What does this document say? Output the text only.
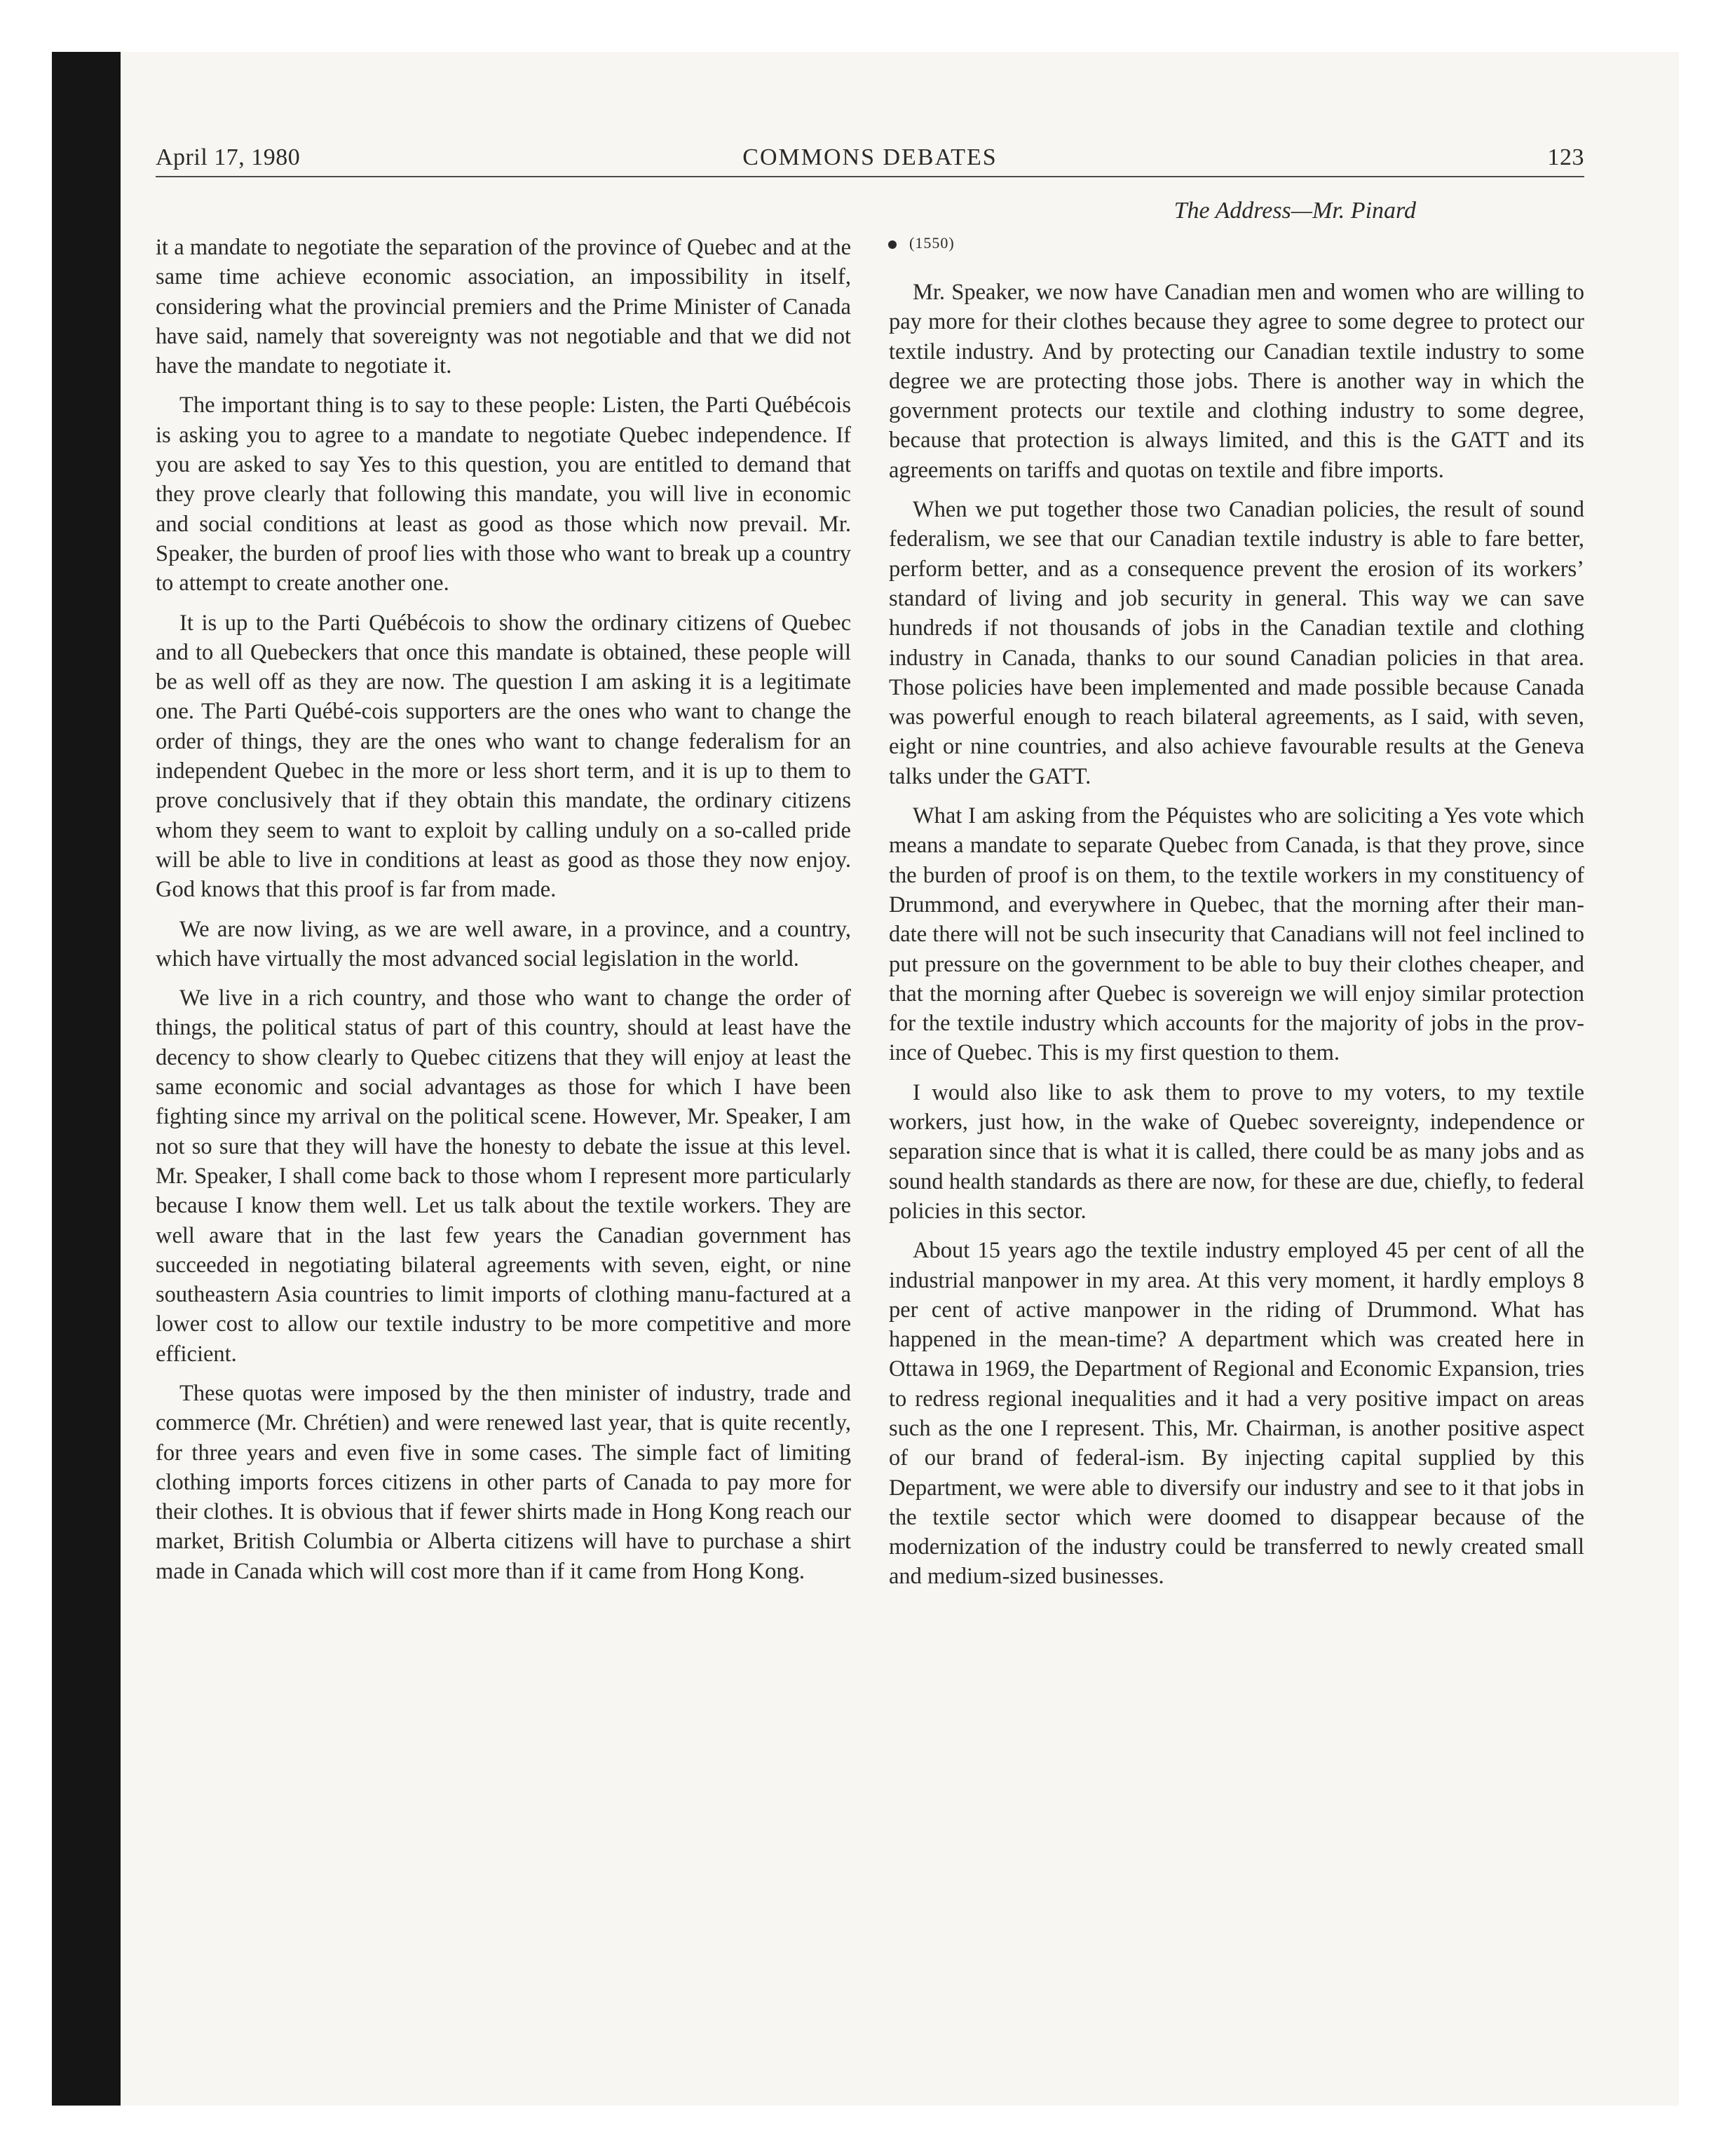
April 17, 1980	COMMONS DEBATES	123
The Address—Mr. Pinard
(1550)

it a mandate to negotiate the separation of the province of Quebec and at the same time achieve economic association, an impossibility in itself, considering what the provincial premiers and the Prime Minister of Canada have said, namely that sovereignty was not negotiable and that we did not have the mandate to negotiate it.

The important thing is to say to these people: Listen, the Parti Québécois is asking you to agree to a mandate to negotiate Quebec independence. If you are asked to say Yes to this question, you are entitled to demand that they prove clearly that following this mandate, you will live in economic and social conditions at least as good as those which now prevail. Mr. Speaker, the burden of proof lies with those who want to break up a country to attempt to create another one.

It is up to the Parti Québécois to show the ordinary citizens of Quebec and to all Quebeckers that once this mandate is obtained, these people will be as well off as they are now. The question I am asking it is a legitimate one. The Parti Québé-cois supporters are the ones who want to change the order of things, they are the ones who want to change federalism for an independent Quebec in the more or less short term, and it is up to them to prove conclusively that if they obtain this mandate, the ordinary citizens whom they seem to want to exploit by calling unduly on a so-called pride will be able to live in conditions at least as good as those they now enjoy. God knows that this proof is far from made.

We are now living, as we are well aware, in a province, and a country, which have virtually the most advanced social legislation in the world.

We live in a rich country, and those who want to change the order of things, the political status of part of this country, should at least have the decency to show clearly to Quebec citizens that they will enjoy at least the same economic and social advantages as those for which I have been fighting since my arrival on the political scene. However, Mr. Speaker, I am not so sure that they will have the honesty to debate the issue at this level. Mr. Speaker, I shall come back to those whom I represent more particularly because I know them well. Let us talk about the textile workers. They are well aware that in the last few years the Canadian government has succeeded in negotiating bilateral agreements with seven, eight, or nine southeastern Asia countries to limit imports of clothing manu-factured at a lower cost to allow our textile industry to be more competitive and more efficient.

These quotas were imposed by the then minister of industry, trade and commerce (Mr. Chrétien) and were renewed last year, that is quite recently, for three years and even five in some cases. The simple fact of limiting clothing imports forces citizens in other parts of Canada to pay more for their clothes. It is obvious that if fewer shirts made in Hong Kong reach our market, British Columbia or Alberta citizens will have to purchase a shirt made in Canada which will cost more than if it came from Hong Kong.

Mr. Speaker, we now have Canadian men and women who are willing to pay more for their clothes because they agree to some degree to protect our textile industry. And by protecting our Canadian textile industry to some degree we are protecting those jobs. There is another way in which the government protects our textile and clothing industry to some degree, because that protection is always limited, and this is the GATT and its agreements on tariffs and quotas on textile and fibre imports.

When we put together those two Canadian policies, the result of sound federalism, we see that our Canadian textile industry is able to fare better, perform better, and as a consequence prevent the erosion of its workers’ standard of living and job security in general. This way we can save hundreds if not thousands of jobs in the Canadian textile and clothing industry in Canada, thanks to our sound Canadian policies in that area. Those policies have been implemented and made possible because Canada was powerful enough to reach bilateral agreements, as I said, with seven, eight or nine countries, and also achieve favourable results at the Geneva talks under the GATT.

What I am asking from the Péquistes who are soliciting a Yes vote which means a mandate to separate Quebec from Canada, is that they prove, since the burden of proof is on them, to the textile workers in my constituency of Drummond, and everywhere in Quebec, that the morning after their man-date there will not be such insecurity that Canadians will not feel inclined to put pressure on the government to be able to buy their clothes cheaper, and that the morning after Quebec is sovereign we will enjoy similar protection for the textile industry which accounts for the majority of jobs in the prov-ince of Quebec. This is my first question to them.

I would also like to ask them to prove to my voters, to my textile workers, just how, in the wake of Quebec sovereignty, independence or separation since that is what it is called, there could be as many jobs and as sound health standards as there are now, for these are due, chiefly, to federal policies in this sector.

About 15 years ago the textile industry employed 45 per cent of all the industrial manpower in my area. At this very moment, it hardly employs 8 per cent of active manpower in the riding of Drummond. What has happened in the mean-time? A department which was created here in Ottawa in 1969, the Department of Regional and Economic Expansion, tries to redress regional inequalities and it had a very positive impact on areas such as the one I represent. This, Mr. Chairman, is another positive aspect of our brand of federal-ism. By injecting capital supplied by this Department, we were able to diversify our industry and see to it that jobs in the textile sector which were doomed to disappear because of the modernization of the industry could be transferred to newly created small and medium-sized businesses.
